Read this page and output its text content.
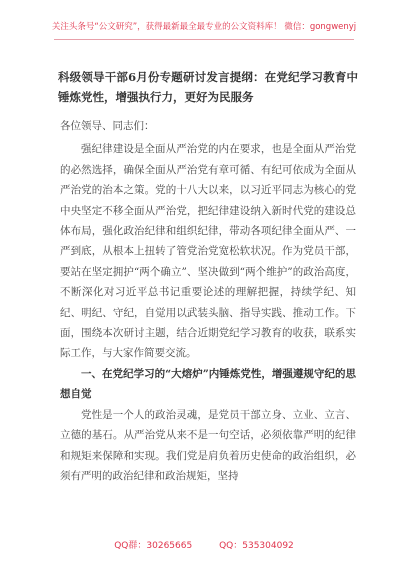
关注头条号“公文研究”，获得最新最全最专业的公文资料库！ 微信：gongwenyj
科级领导干部6月份专题研讨发言提纲：在党纪学习教育中锤炼党性，增强执行力，更好为民服务

各位领导、同志们：

强纪律建设是全面从严治党的内在要求，也是全面从严治党的必然选择，确保全面从严治党有章可循、有纪可依成为全面从严治党的治本之策。党的十八大以来，以习近平同志为核心的党中央坚定不移全面从严治党，把纪律建设纳入新时代党的建设总体布局，强化政治纪律和组织纪律，带动各项纪律全面从严、一严到底，从根本上扭转了管党治党宽松软状况。作为党员干部，要站在坚定拥护“两个确立”、坚决做到“两个维护”的政治高度，不断深化对习近平总书记重要论述的理解把握，持续学纪、知纪、明纪、守纪，自觉用以武装头脑、指导实践、推动工作。下面，围绕本次研讨主题，结合近期党纪学习教育的收获，联系实际工作，与大家作简要交流。

一、在党纪学习的“大熔炉”内锤炼党性，增强遵规守纪的思想自觉

党性是一个人的政治灵魂，是党员干部立身、立业、立言、立德的基石。从严治党从来不是一句空话，必须依靠严明的纪律和规矩来保障和实现。我们党是肩负着历史使命的政治组织，必须有严明的政治纪律和政治规矩，坚持

QQ群：30265665	QQ：535304092
